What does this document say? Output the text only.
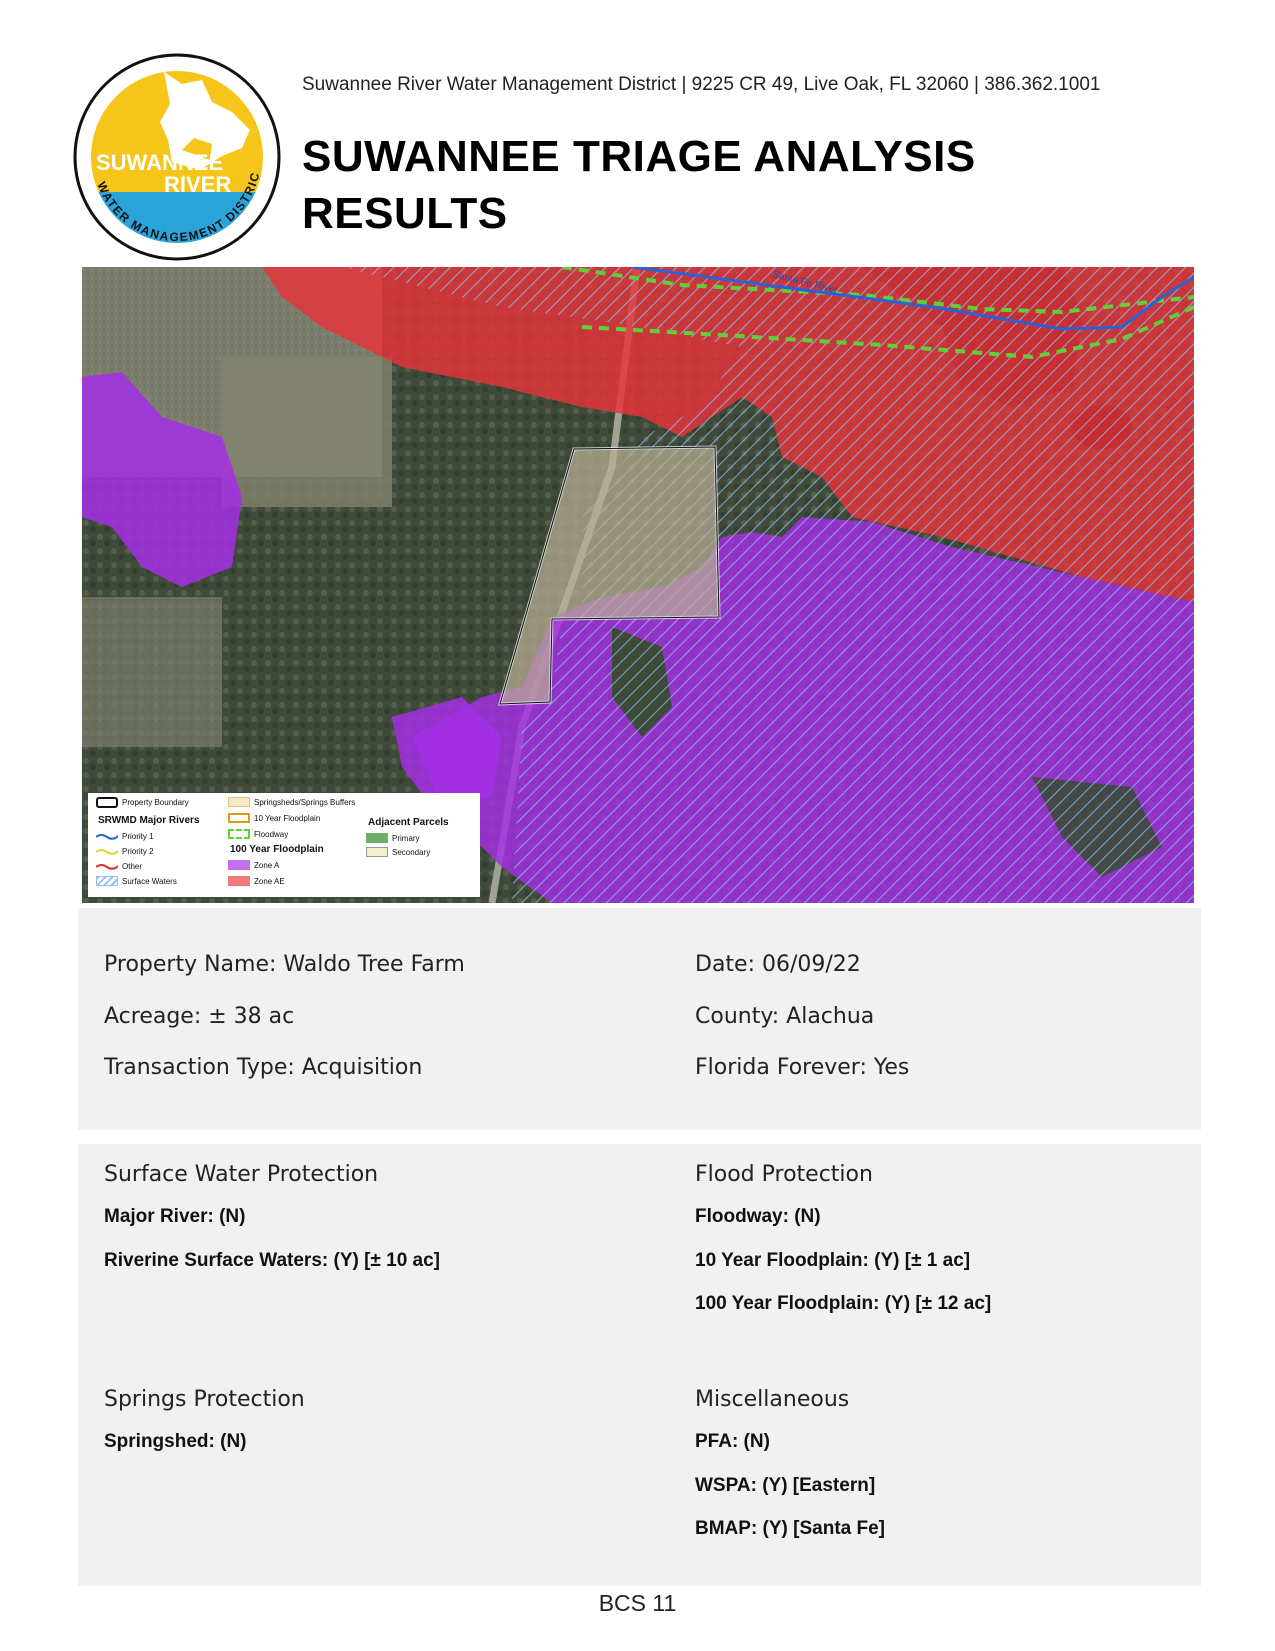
SUWANNEE
RIVER
WATER MANAGEMENT DISTRIC
Suwannee River Water Management District | 9225 CR 49, Live Oak, FL 32060 | 386.362.1001
SUWANNEE TRIAGE ANALYSIS
RESULTS
Santa Fe River
Property Boundary
SRWMD Major Rivers
Priority 1
Priority 2
Other
Surface Waters
Springsheds/Springs Buffers
10 Year Floodplain
Floodway
100 Year Floodplain
Zone A
Zone AE
Adjacent Parcels
Primary
Secondary
Property Name: Waldo Tree Farm
Acreage: ± 38 ac
Transaction Type: Acquisition
Date: 06/09/22
County: Alachua
Florida Forever: Yes
Surface Water Protection
Major River: (N)
Riverine Surface Waters: (Y) [± 10 ac]
Flood Protection
Floodway: (N)
10 Year Floodplain: (Y) [± 1 ac]
100 Year Floodplain: (Y) [± 12 ac]
Springs Protection
Springshed: (N)
Miscellaneous
PFA: (N)
WSPA: (Y) [Eastern]
BMAP: (Y) [Santa Fe]
BCS 11
